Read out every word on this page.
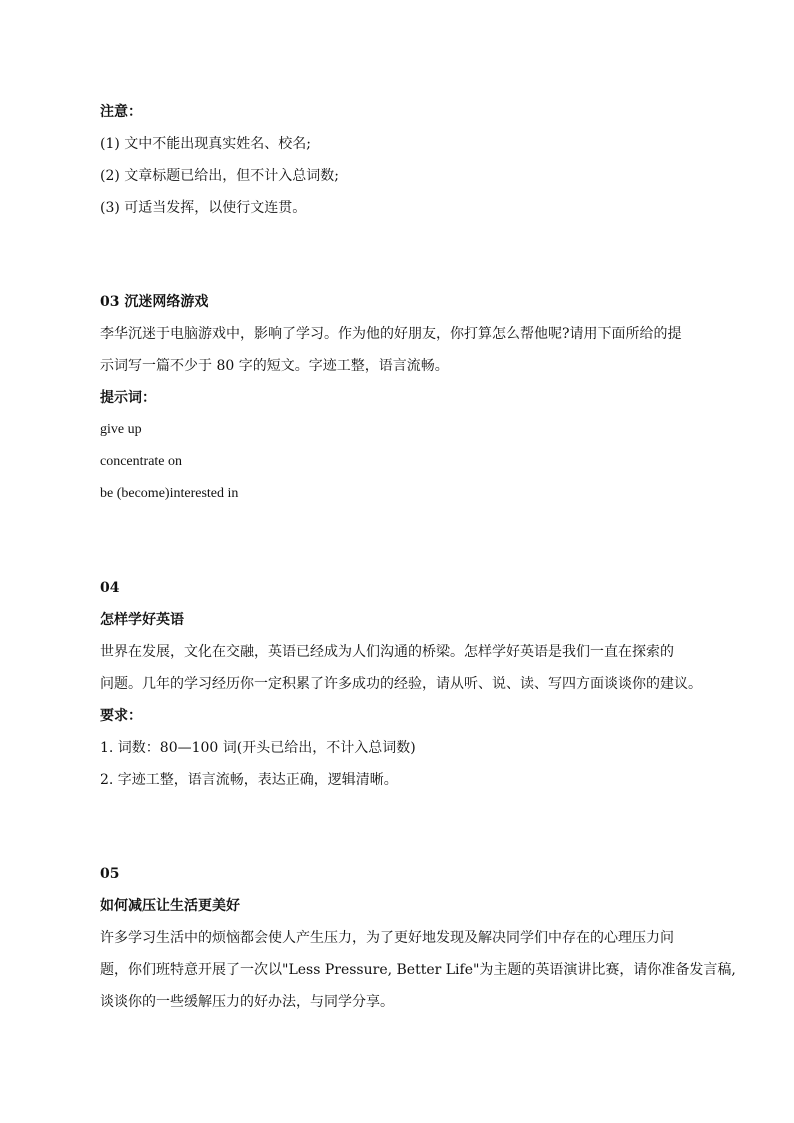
注意：
(1) 文中不能出现真实姓名、校名;
(2) 文章标题已给出，但不计入总词数;
(3) 可适当发挥，以使行文连贯。
03 沉迷网络游戏
李华沉迷于电脑游戏中，影响了学习。作为他的好朋友，你打算怎么帮他呢?请用下面所给的提
示词写一篇不少于 80 字的短文。字迹工整，语言流畅。
提示词：
give up
concentrate on
be (become)interested in
04
怎样学好英语
世界在发展，文化在交融，英语已经成为人们沟通的桥梁。怎样学好英语是我们一直在探索的
问题。几年的学习经历你一定积累了许多成功的经验，请从听、说、读、写四方面谈谈你的建议。
要求：
1. 词数：80—100 词(开头已给出，不计入总词数)
2. 字迹工整，语言流畅，表达正确，逻辑清晰。
05
如何减压让生活更美好
许多学习生活中的烦恼都会使人产生压力，为了更好地发现及解决同学们中存在的心理压力问
题，你们班特意开展了一次以"Less Pressure, Better Life"为主题的英语演讲比赛，请你准备发言稿,
谈谈你的一些缓解压力的好办法，与同学分享。
